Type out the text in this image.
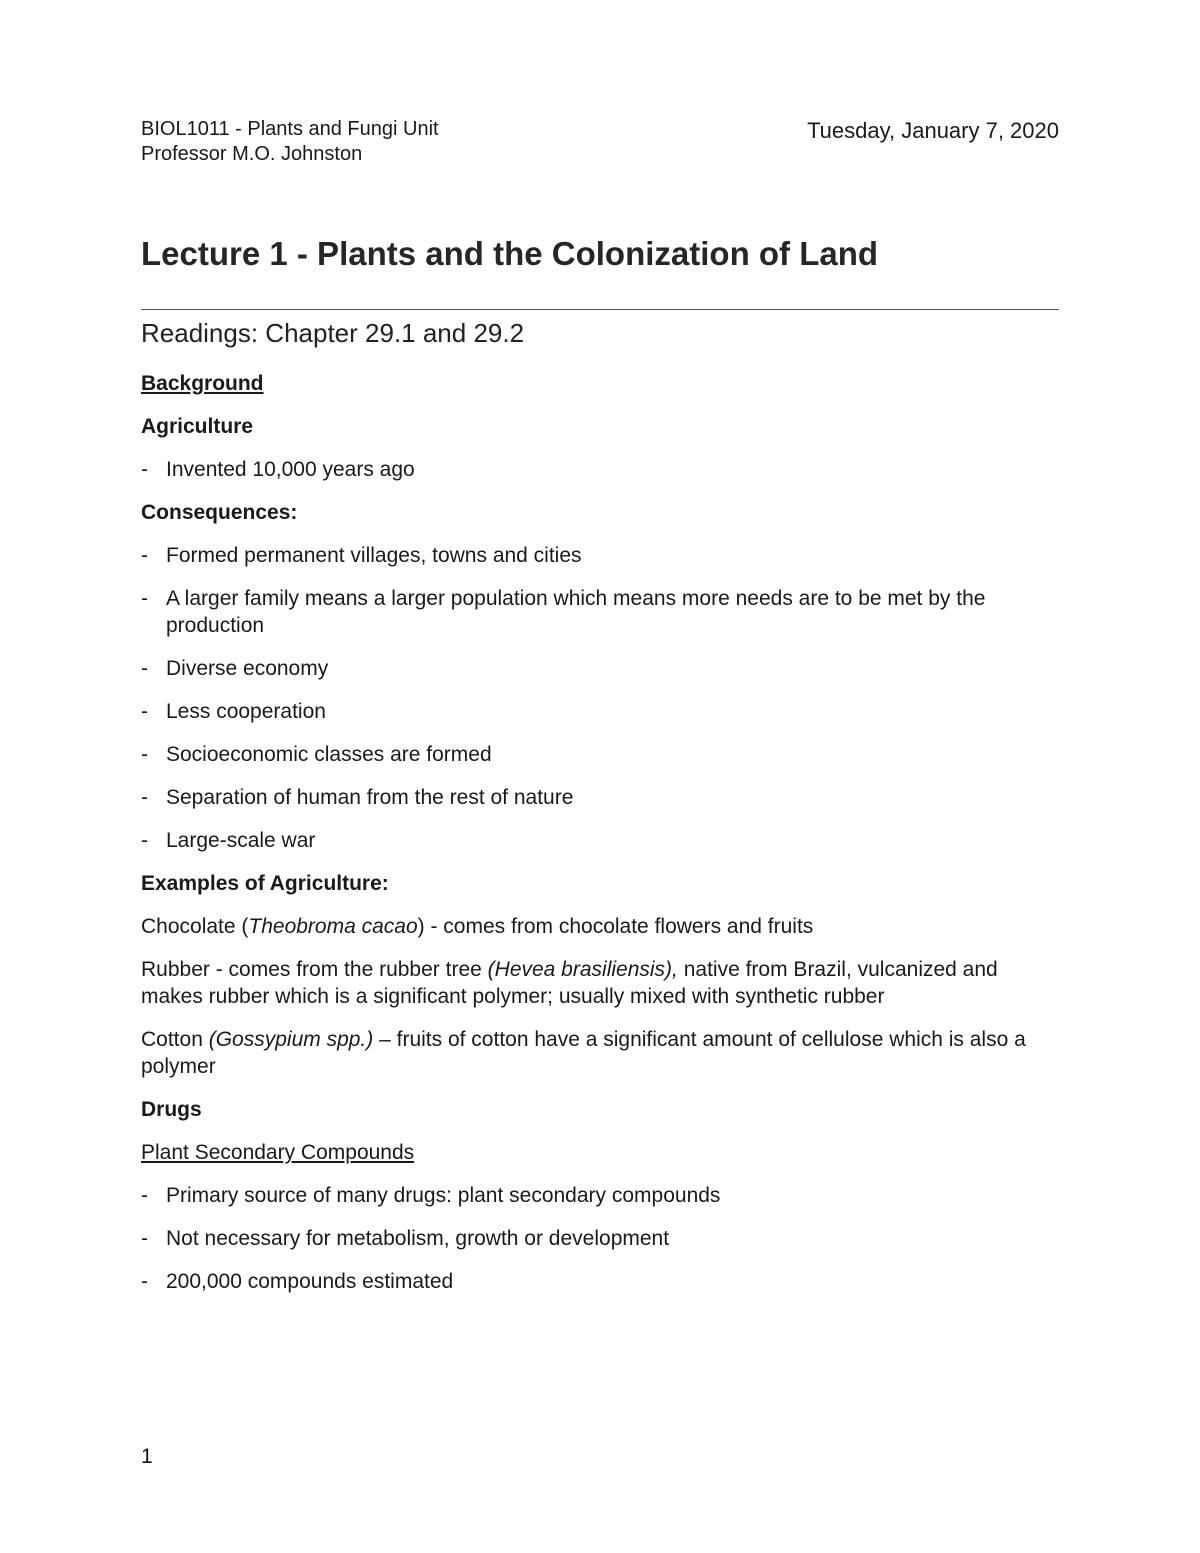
BIOL1011 - Plants and Fungi Unit
Professor M.O. Johnston
Tuesday, January 7, 2020
Lecture 1 - Plants and the Colonization of Land
Readings: Chapter 29.1 and 29.2
Background
Agriculture
- Invented 10,000 years ago
Consequences:
- Formed permanent villages, towns and cities
- A larger family means a larger population which means more needs are to be met by the production
- Diverse economy
- Less cooperation
- Socioeconomic classes are formed
- Separation of human from the rest of nature
- Large-scale war
Examples of Agriculture:

Chocolate (Theobroma cacao) - comes from chocolate flowers and fruits

Rubber - comes from the rubber tree (Hevea brasiliensis), native from Brazil, vulcanized and makes rubber which is a significant polymer; usually mixed with synthetic rubber

Cotton (Gossypium spp.) – fruits of cotton have a significant amount of cellulose which is also a polymer

Drugs
Plant Secondary Compounds
- Primary source of many drugs: plant secondary compounds
- Not necessary for metabolism, growth or development
- 200,000 compounds estimated
1
